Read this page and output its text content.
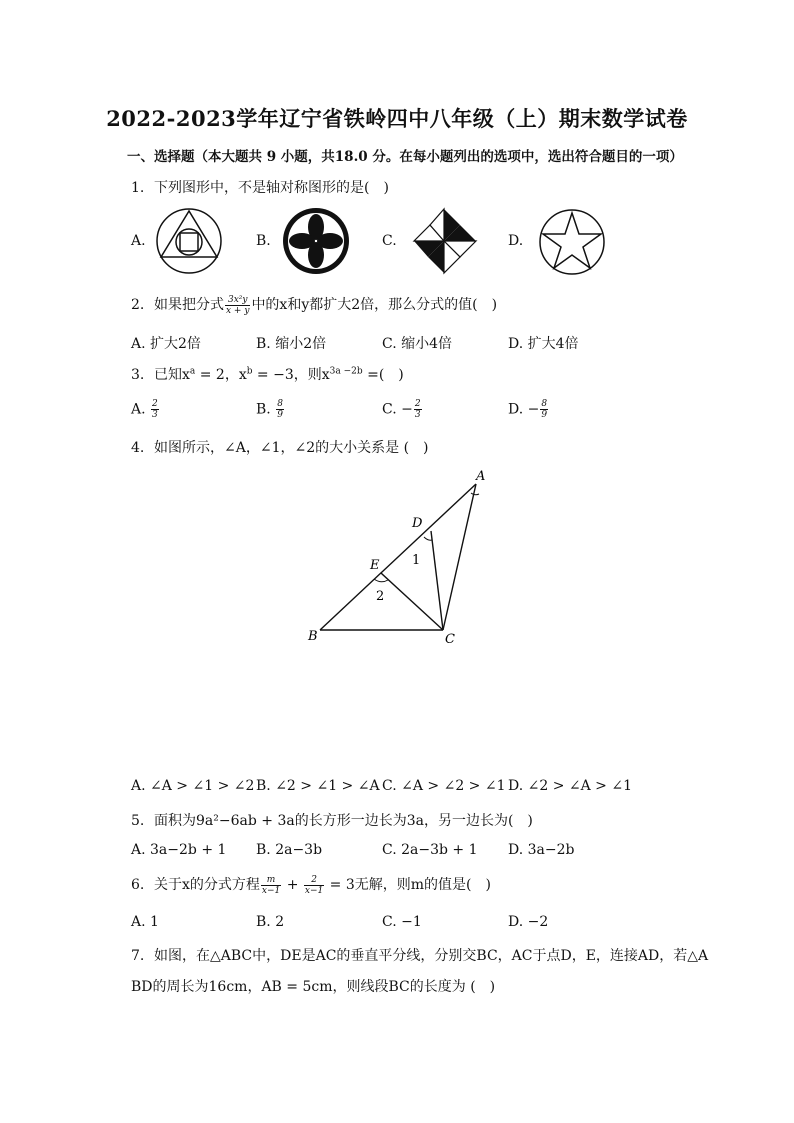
2022-2023学年辽宁省铁岭四中八年级（上）期末数学试卷
一、选择题（本大题共 9 小题，共18.0 分。在每小题列出的选项中，选出符合题目的一项）
1. 下列图形中，不是轴对称图形的是(　)
A.	B.	C.	D.
2. 如果把分式 $\frac{\text{3x²y}}{x + y}$ 中的x和y都扩大2倍，那么分式的值(　)
A. 扩大2倍	B. 缩小2倍	C. 缩小4倍	D. 扩大4倍
3. 已知$x^a = 2$，$x^b = -3$，则$x^{3a -2b}$ =(　)
A. $\frac{2}{3}$	B. $\frac{8}{9}$	C. − $\frac{2}{3}$	D. − $\frac{8}{9}$
4. 如图所示，∠A，∠1，∠2的大小关系是 (　)
A
B	C
D
E	1
2
A. ∠A > ∠1 > ∠2 B. ∠2 > ∠1 > ∠A C. ∠A > ∠2 > ∠1 D. ∠2 > ∠A > ∠1
5. 面积为9a²−6ab + 3a的长方形一边长为3a，另一边长为(　)
A. 3a−2b + 1 B. 2a−3b	C. 2a−3b + 1 D. 3a−2b
6. 关于x的分式方程 $\frac{m}{x-1} + \frac{2}{x-1} = 3$无解，则m的值是(　)
A. 1	B. 2	C. −1	D. −2
7. 如图，在△ABC中，DE是AC的垂直平分线，分别交BC，AC于点D，E，连接AD，若△A
BD的周长为16cm，AB = 5cm，则线段BC的长度为 (　)
